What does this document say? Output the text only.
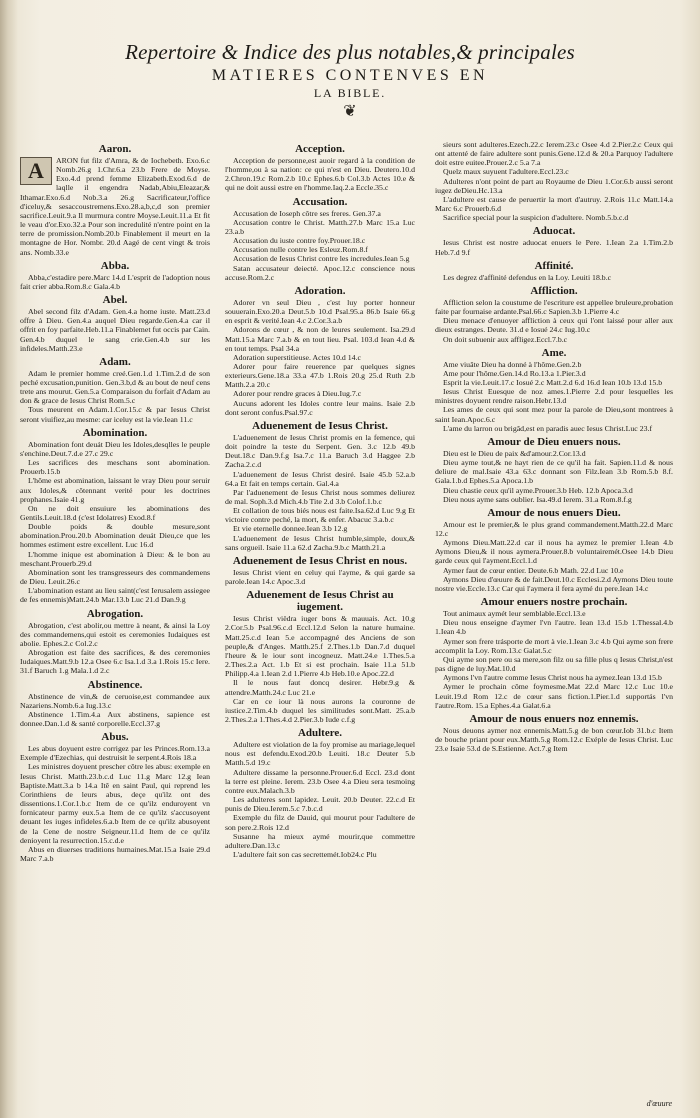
Repertoire & Indice des plus notables,& principales
MATIERES CONTENVES EN
LA BIBLE.
❦
Aaron.

A	ARON fut filz d'Amra, & de Iochebeth. Exo.6.c Nomb.26.g 1.Chr.6.a 23.b Frere de Moyse. Exo.4.d prend femme Elizabeth.Exod.6.d de laqlle il engendra Nadab,Abiu,Eleazar,& Ithamar.Exo.6.d Nob.3.a 26.g Sacrificateur,l'office d'iceluy,& sesaccoustremens.Exo.28.a,b,c,d son premier sacrifice.Leuit.9.a Il murmura contre Moyse.Leuit.11.a Et fit le veau d'or.Exo.32.a Pour son incredulité n'entre point en la terre de promission.Nomb.20.b Finablement il meurt en la montagne de Hor. Nombr. 20.d Aagé de cent vingt & trois ans. Nomb.33.e

Abba.

Abba,c'estadire pere.Marc 14.d L'esprit de l'adoption nous fait crier abba.Rom.8.c Gala.4.b

Abel.

Abel second filz d'Adam. Gen.4.a home iuste. Matt.23.d offre à Dieu. Gen.4.a auquel Dieu regarde.Gen.4.a car il offrit en foy parfaite.Heb.11.a Finablemet fut occis par Cain. Gen.4.b duquel le sang crie.Gen.4.b sur les infideles.Matth.23.e

Adam.

Adam le premier homme creé.Gen.1.d 1.Tim.2.d de son peché excusation,punition. Gen.3.b,d & au bout de neuf cens trete ans mourut. Gen.5.a Comparaison du forfait d'Adam au don & grace de Iesus Christ Rom.5.c

Tous meurent en Adam.1.Cor.15.c & par Iesus Christ seront viuifiez,au mesme: car iceluy est la vie.Iean 11.c

Abomination.

Abomination font deuát Dieu les Idoles,desqlles le peuple s'enchine.Deut.7.d.e 27.c 29.c

Les sacrifices des meschans sont abomination. Prouerb.15.b

L'hôme est abomination, laissant le vray Dieu pour seruir aux Idoles,& côtennant verité pour les doctrines prophanes.Isaie 41.g

On ne doit ensuiure les abominations des Gentils.Leuit.18.d (c'est Idolatres) Exod.8.f

Double poids & double mesure,sont abomination.Prou.20.b Abomination deuát Dieu,ce que les hommes estiment estre excellent. Luc 16.d

L'homme inique est abomination à Dieu: & le bon au meschant.Prouerb.29.d

Abomination sont les transgresseurs des commandemens de Dieu. Leuit.26.c

L'abomination estant au lieu saint(c'est Ierusalem assiegee de fes ennemis)Matt.24.b Mar.13.b Luc 21.d Dan.9.g

Abrogation.

Abrogation, c'est abolir,ou mettre à neant, & ainsi la Loy des commandemens,qui estoit es ceremonies Iudaiques est abolie. Ephes.2.c Col.2.c

Abrogation est faite des sacrifices, & des ceremonies Iudaiques.Matt.9.b 12.a Osee 6.c Isa.1.d 3.a 1.Rois 15.c Iere. 31.f Baruch 1.g Mala.1.d 2.c

Abstinence.

Abstinence de vin,& de ceruoise,est commandee aux Nazariens.Nomb.6.a Iug.13.c

Abstinence 1.Tim.4.a Aux abstinens, sapience est donnee.Dan.1.d & santé corporelle.Eccl.37.g

Abus.

Les abus doyuent estre corrigez par les Princes.Rom.13.a Exemple d'Ezechias, qui destruisit le serpent.4.Rois 18.a

Les ministres doyuent prescher côtre les abus: exemple en Iesus Christ. Matth.23.b.c.d Luc 11.g Marc 12.g Iean Baptiste.Matt.3.a b 14.a Itê en saint Paul, qui reprend les Corinthiens de leurs abus, deçe qu'ilz ont des dissentions.1.Cor.1.b.c Item de ce qu'ilz enduroyent vn fornicateur parmy eux.5.a Item de ce qu'ilz s'accusoyent deuant les iuges infideles.6.a.b Item de ce qu'ilz abusoyent de la Cene de nostre Seigneur.11.d Item de ce qu'ilz denioyent la resurrection.15.c.d.e

Abus en diuerses traditions humaines.Mat.15.a Isaie 29.d Marc 7.a.b

Acception.

Acception de personne,est auoir regard à la condition de l'homme,ou à sa nation: ce qui n'est en Dieu. Deutero.10.d 2.Chron.19.c Rom.2.b 10.c Ephes.6.b Col.3.b Actes 10.e & qui ne doit aussi estre en l'homme.Iaq.2.a Eccle.35.c

Accusation.

Accusation de Ioseph côtre ses freres. Gen.37.a

Accusation contre le Christ. Matth.27.b Marc 15.a Luc 23.a.b

Accusation du iuste contre foy.Prouer.18.c

Accusation nulle contre les Esleuz.Rom.8.f

Accusation de Iesus Christ contre les incredules.Iean 5.g

Satan accusateur deiecté. Apoc.12.c conscience nous accuse.Rom.2.c

Adoration.

Adorer vn seul Dieu , c'est luy porter honneur souuerain.Exo.20.a Deut.5.b 10.d Psal.95.a 86.b Isaie 66.g en esprit & verité.Iean 4.c 2.Cor.3.a.b

Adorons de cœur , & non de leures seulement. Isa.29.d Matt.15.a Marc 7.a.b & en tout lieu. Psal. 103.d Iean 4.d & en tout temps. Psal 34.a

Adoration superstitieuse. Actes 10.d 14.c

Adorer pour faire reuerence par quelques signes exterieurs.Gene.18.a 33.a 47.b 1.Rois 20.g 25.d Ruth 2.b Matth.2.a 20.c

Adorer pour rendre graces à Dieu.Iug.7.c

Aucuns adorent les Idoles contre leur mains. Isaie 2.b dont seront confus.Psal.97.c

Aduenement de Iesus Christ.

L'aduenement de Iesus Christ promis en la femence, qui doit poindre la teste du Serpent. Gen. 3.c 12.b 49.b Deut.18.c Dan.9.f.g Isa.7.c 11.a Baruch 3.d Haggee 2.b Zacha.2.c.d

L'aduenement de Iesus Christ desiré. Isaie 45.b 52.a.b 64.a Et fait en temps certain. Gal.4.a

Par l'aduenement de Iesus Christ nous sommes deliurez de mal. Soph.3.d Mich.4.b Tite 2.d 3.b Colof.1.b.c

Et collation de tous biés nous est faite.Isa.62.d Luc 9.g Et victoire contre peché, la mort, & enfer. Abacuc 3.a.b.c

Et vie eternelle donnee.Iean 3.b 12.g

L'aduenement de Iesus Christ humble,simple, doux,& sans orgueil. Isaie 11.a 62.d Zacha.9.b.c Matth.21.a

Aduenement de Iesus Christ en nous.

Iesus Christ vient en celuy qui l'ayme, & qui garde sa parole.Iean 14.c Apoc.3.d

Aduenement de Iesus Christ au iugement.

Iesus Christ viëdra iuger bons & mauuais. Act. 10.g 2.Cor.5.b Psal.96.c.d Eccl.12.d Selon la nature humaine. Matt.25.c.d Iean 5.e accompagné des Anciens de son peuple,& d'Anges. Matth.25.f 2.Thes.1.b Dan.7.d duquel l'heure & le iour sont incogneuz. Matt.24.e 1.Thes.5.a 2.Thes.2.a Act. 1.b Et si est prochain. Isaie 11.a 51.b Philipp.4.a 1.Iean 2.d 1.Pierre 4.b Heb.10.e Apoc.22.d

Il le nous faut doncq desirer. Hebr.9.g & attendre.Matth.24.c Luc 21.e

Car en ce iour là nous aurons la couronne de iustice.2.Tim.4.b duquel les similitudes sont.Matt. 25.a.b 2.Thes.2.a 1.Thes.4.d 2.Pier.3.b Iude c.f.g

Adultere.

Adultere est violation de la foy promise au mariage,lequel nous est defendu.Exod.20.b Leuiti. 18.c Deuter 5.b Matth.5.d 19.c

Adultere dissame la personne.Prouer.6.d Eccl. 23.d dont la terre est pleine. Ierem. 23.b Osee 4.a Dieu sera tesmoing contre eux.Malach.3.b

Les adulteres sont lapidez. Leuit. 20.b Deuter. 22.c.d Et punis de Dieu.Ierem.5.c 7.b.c.d

Exemple du filz de Dauid, qui mourut pour l'adultere de son pere.2.Rois 12.d

Susanne ha mieux aymé mourir,que commettre adultere.Dan.13.c

L'adultere fait son cas secrettemét.Iob24.c Plu

sieurs sont adulteres.Ezech.22.c Ierem.23.c Osee 4.d 2.Pier.2.c Ceux qui ont attenté de faire adultere sont punis.Gene.12.d & 20.a Parquoy l'adultere doit estre euitee.Prouer.2.c 5.a 7.a

Quelz maux suyuent l'adultere.Eccl.23.c

Adulteres n'ont point de part au Royaume de Dieu 1.Cor.6.b aussi seront iugez deDieu.Hc.13.a

L'adultere est cause de peruertir la mort d'autruy. 2.Rois 11.c Matt.14.a Marc 6.c Prouerb.6.d

Sacrifice special pour la suspicion d'adultere. Nomb.5.b.c.d

Aduocat.

Iesus Christ est nostre aduocat enuers le Pere. 1.Iean 2.a 1.Tim.2.b Heb.7.d 9.f

Affinité.

Les degrez d'affinité defendus en la Loy. Leuiti 18.b.c

Affliction.

Affliction selon la coustume de l'escriture est appellee bruleure,probation faite par fournaise ardante.Psal.66.c Sapien.3.b 1.Pierre 4.c

Dieu menace d'enuoyer affliction à ceux qui l'ont laissé pour aller aux dieux estranges. Deute. 31.d e Iosué 24.c Iug.10.c

On doit subuenir aux affligez.Eccl.7.b.c

Ame.

Ame viuâte Dieu ha donné à l'hôme.Gen.2.b

Ame pour l'hôme.Gen.14.d Ro.13.a 1.Pier.3.d

Esprit la vie.Leuit.17.c Iosué 2.c Matt.2.d 6.d 16.d Iean 10.b 13.d 15.b

Iesus Christ Euesque de noz ames.1.Pierre 2.d pour lesquelles les ministres doyuent rendre raison.Hebr.13.d

Les ames de ceux qui sont mez pour la parole de Dieu,sont montrees à saint Iean.Apoc.6.c

L'ame du larron ou brigâd,est en paradis auec Iesus Christ.Luc 23.f

Amour de Dieu enuers nous.

Dieu est le Dieu de paix &d'amour.2.Cor.13.d

Dieu ayme tout,& ne hayt rien de ce qu'il ha fait. Sapien.11.d & nous deliure de mal.Isaie 43.a 63.c donnant son Filz.Iean 3.b Rom.5.b 8.f. Gala.1.b.d Ephes.5.a Apoca.1.b

Dieu chastie ceux qu'il ayme.Prouer.3.b Heb. 12.b Apoca.3.d

Dieu nous ayme sans oublier. Isa.49.d Ierem. 31.a Rom.8.f.g

Amour de nous enuers Dieu.

Amour est le premier,& le plus grand commandement.Matth.22.d Marc 12.c

Aymons Dieu.Matt.22.d car il nous ha aymez le premier 1.Iean 4.b Aymons Dieu,& il nous aymera.Prouer.8.b voluntairemét.Osee 14.b Dieu garde ceux qui l'ayment.Eccl.1.d

Aymer faut de cœur entier. Deute.6.b Math. 22.d Luc 10.e

Aymons Dieu d'œuure & de fait.Deut.10.c Ecclesi.2.d Aymons Dieu toute nostre vie.Eccle.13.c Car qui l'aymera il fera aymé du pere.Iean 14.c

Amour enuers nostre prochain.

Tout animaux aymét leur semblable.Eccl.13.e

Dieu nous enseigne d'aymer l'vn l'autre. Iean 13.d 15.b 1.Thessal.4.b 1.Iean 4.b

Aymer son frere trásporte de mort à vie.1.Iean 3.c 4.b Qui ayme son frere accomplit la Loy. Rom.13.c Galat.5.c

Qui ayme son pere ou sa mere,son filz ou sa fille plus q Iesus Christ,n'est pas digne de luy.Mat.10.d

Aymons l'vn l'autre comme Iesus Christ nous ha aymez.Iean 13.d 15.b

Aymer le prochain côme foymesme.Mat 22.d Marc 12.c Luc 10.e Leuit.19.d Rom 12.c de cœur sans fiction.1.Pier.1.d supportás l'vn l'autre.Rom. 15.a Ephes.4.a Galat.6.a

Amour de nous enuers noz ennemis.

Nous deuons aymer noz ennemis.Matt.5.g de bon cœur.Iob 31.b.c Item de bouche priant pour eux.Matth.5.g Rom.12.c Exéple de Iesus Christ. Luc 23.e Isaie 53.d de S.Estienne. Act.7.g Item

d'œuure
